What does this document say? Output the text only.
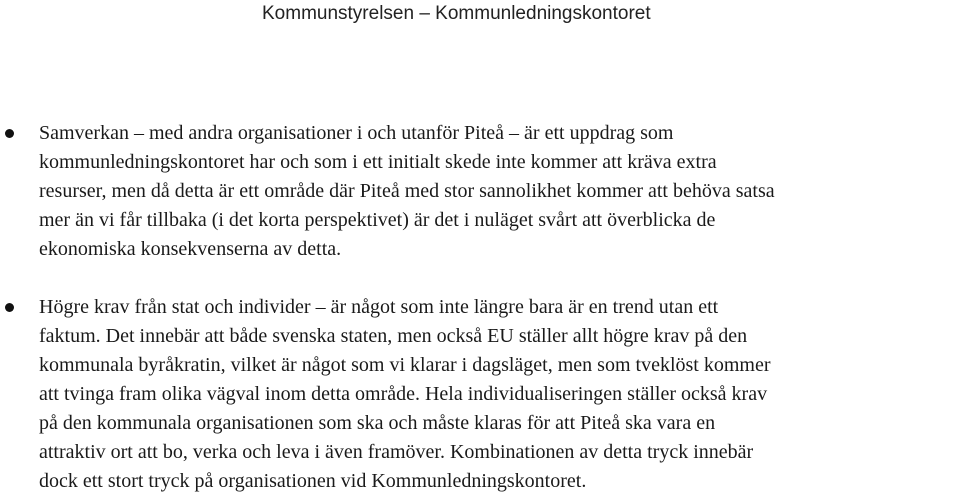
Kommunstyrelsen – Kommunledningskontoret
Samverkan – med andra organisationer i och utanför Piteå – är ett uppdrag som
kommunledningskontoret har och som i ett initialt skede inte kommer att kräva extra
resurser, men då detta är ett område där Piteå med stor sannolikhet kommer att behöva satsa
mer än vi får tillbaka (i det korta perspektivet) är det i nuläget svårt att överblicka de
ekonomiska konsekvenserna av detta.
Högre krav från stat och individer – är något som inte längre bara är en trend utan ett
faktum. Det innebär att både svenska staten, men också EU ställer allt högre krav på den
kommunala byråkratin, vilket är något som vi klarar i dagsläget, men som tveklöst kommer
att tvinga fram olika vägval inom detta område. Hela individualiseringen ställer också krav
på den kommunala organisationen som ska och måste klaras för att Piteå ska vara en
attraktiv ort att bo, verka och leva i även framöver. Kombinationen av detta tryck innebär
dock ett stort tryck på organisationen vid Kommunledningskontoret.
